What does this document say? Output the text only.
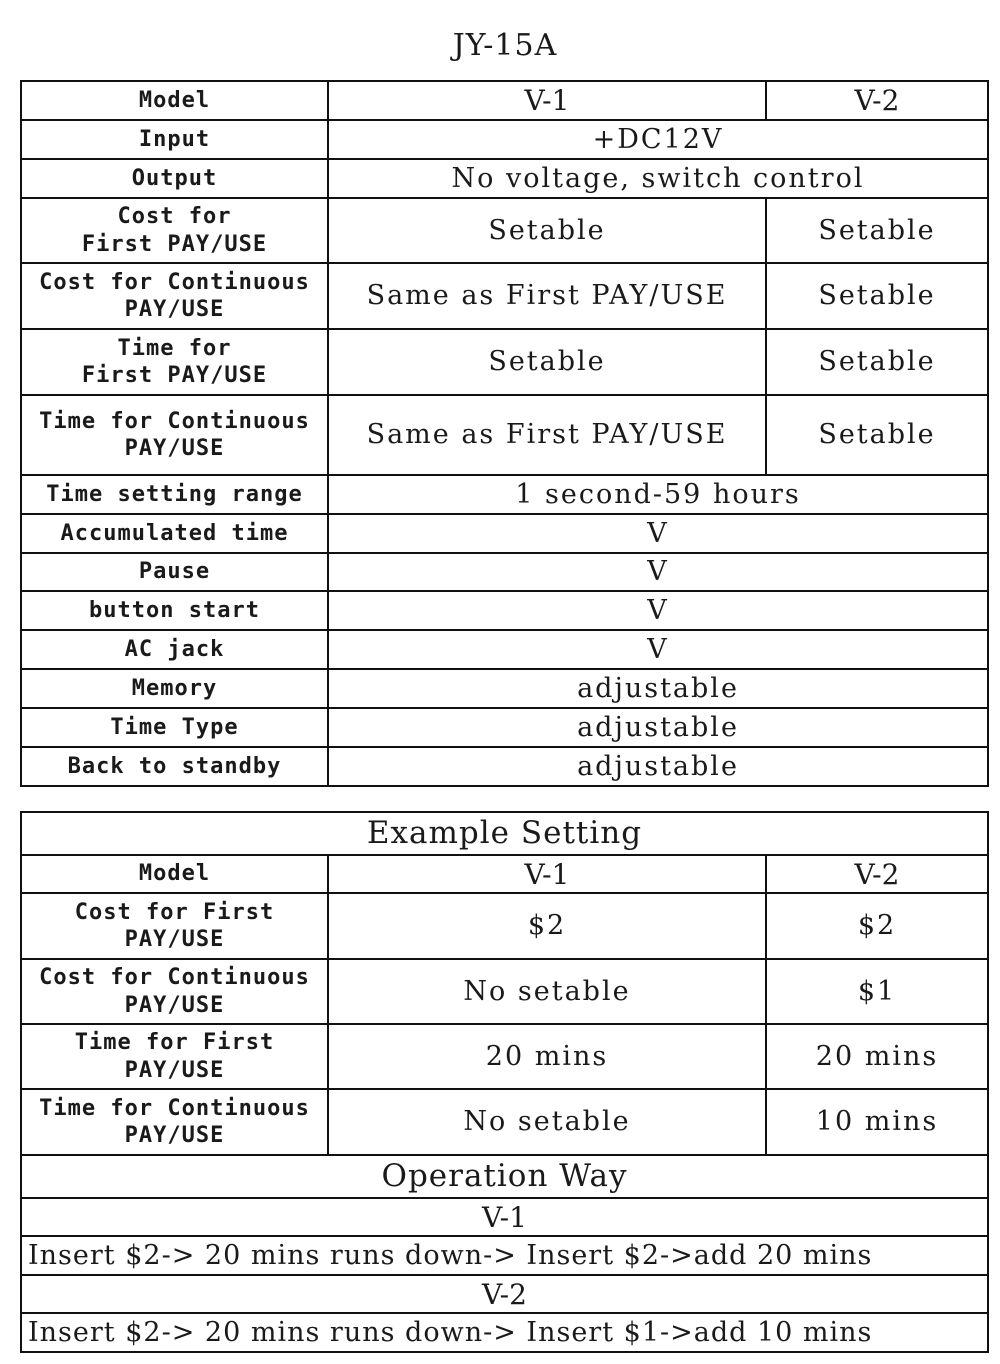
JY-15A
Model	V-1	V-2
Input	+DC12V	
Output	No voltage, switch control	

Cost for
First PAY/USE	Setable	Setable

Cost for Continuous
PAY/USE	Same as First PAY/USE	Setable

Time for
First PAY/USE	Setable	Setable

Time for Continuous
PAY/USE	Same as First PAY/USE	Setable
Time setting range	1 second-59 hours	
Accumulated time	V	
Pause	V	
button start	V	
AC jack	V	
Memory	adjustable	
Time Type	adjustable	
Back to standby	adjustable	
Example Setting		
Model	V-1	V-2

Cost for First
PAY/USE	$2	$2

Cost for Continuous
PAY/USE	No setable	$1

Time for First
PAY/USE	20 mins	20 mins

Time for Continuous
PAY/USE	No setable	10 mins
Operation Way		
V-1		
Insert $2-> 20 mins runs down-> Insert $2->add 20 mins		
V-2		
Insert $2-> 20 mins runs down-> Insert $1->add 10 mins		
